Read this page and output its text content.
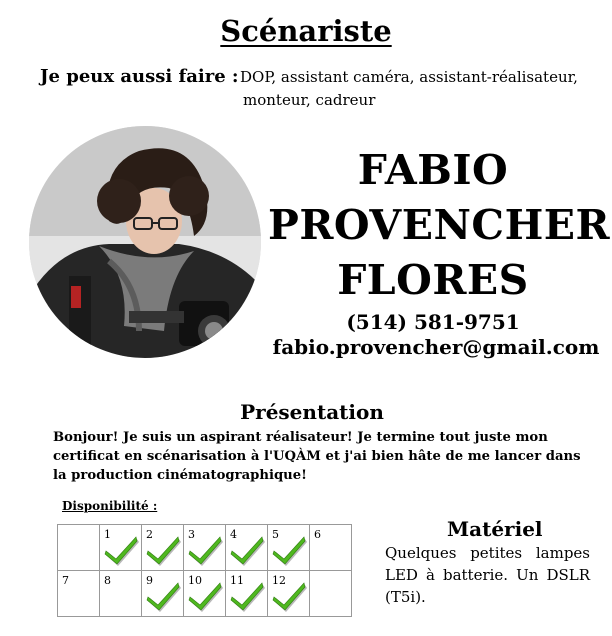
Scénariste
Je peux aussi faire : DOP, assistant caméra, assistant-réalisateur,
monteur, cadreur
FABIO
PROVENCHER
FLORES
(514) 581-9751
fabio.provencher@gmail.com
Présentation
Bonjour! Je suis un aspirant réalisateur! Je termine tout juste mon certificat en scénarisation à l'UQÀM et j'ai bien hâte de me lancer dans la production cinématographique!
Disponibilité :

	1	2	3	4	5	6

7	8	9	10	11	12	

Matériel
Quelques petites lampes LED à batterie. Un DSLR (T5i).
